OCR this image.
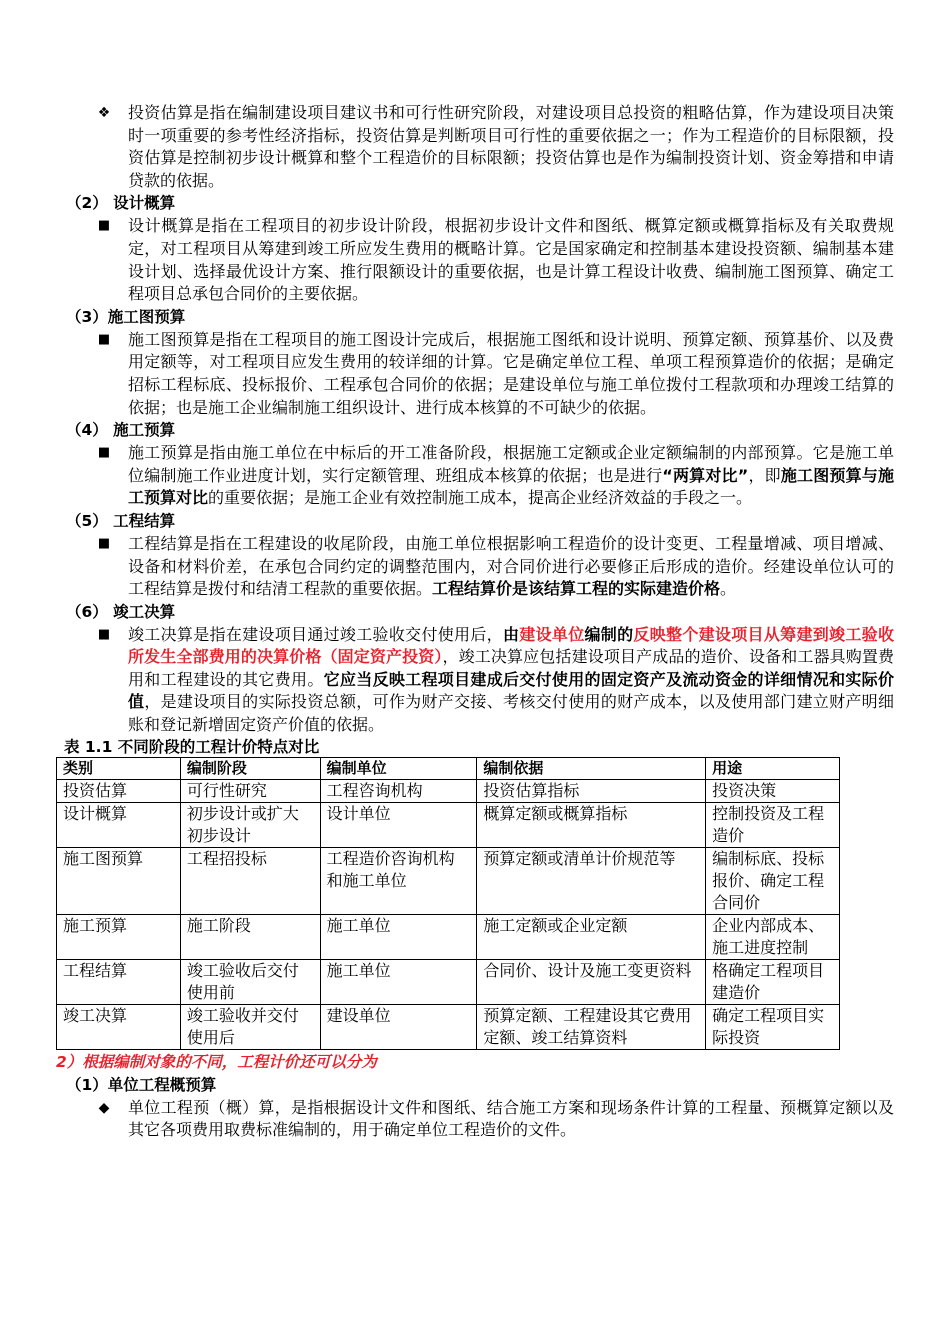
❖ 投资估算是指在编制建设项目建议书和可行性研究阶段，对建设项目总投资的粗略估算，作为建设项目决策时一项重要的参考性经济指标，投资估算是判断项目可行性的重要依据之一；作为工程造价的目标限额，投资估算是控制初步设计概算和整个工程造价的目标限额；投资估算也是作为编制投资计划、资金筹措和申请贷款的依据。

（2） 设计概算

■ 设计概算是指在工程项目的初步设计阶段，根据初步设计文件和图纸、概算定额或概算指标及有关取费规定，对工程项目从筹建到竣工所应发生费用的概略计算。它是国家确定和控制基本建设投资额、编制基本建设计划、选择最优设计方案、推行限额设计的重要依据，也是计算工程设计收费、编制施工图预算、确定工程项目总承包合同价的主要依据。

（3）施工图预算

■ 施工图预算是指在工程项目的施工图设计完成后，根据施工图纸和设计说明、预算定额、预算基价、以及费用定额等，对工程项目应发生费用的较详细的计算。它是确定单位工程、单项工程预算造价的依据；是确定招标工程标底、投标报价、工程承包合同价的依据；是建设单位与施工单位拨付工程款项和办理竣工结算的依据；也是施工企业编制施工组织设计、进行成本核算的不可缺少的依据。

（4） 施工预算

■ 施工预算是指由施工单位在中标后的开工准备阶段，根据施工定额或企业定额编制的内部预算。它是施工单位编制施工作业进度计划，实行定额管理、班组成本核算的依据；也是进行“两算对比”，即施工图预算与施工预算对比的重要依据；是施工企业有效控制施工成本，提高企业经济效益的手段之一。

（5） 工程结算

■ 工程结算是指在工程建设的收尾阶段，由施工单位根据影响工程造价的设计变更、工程量增减、项目增减、设备和材料价差，在承包合同约定的调整范围内，对合同价进行必要修正后形成的造价。经建设单位认可的工程结算是拨付和结清工程款的重要依据。工程结算价是该结算工程的实际建造价格。

（6） 竣工决算

■ 竣工决算是指在建设项目通过竣工验收交付使用后，由建设单位编制的反映整个建设项目从筹建到竣工验收所发生全部费用的决算价格（固定资产投资），竣工决算应包括建设项目产成品的造价、设备和工器具购置费用和工程建设的其它费用。它应当反映工程项目建成后交付使用的固定资产及流动资金的详细情况和实际价值，是建设项目的实际投资总额，可作为财产交接、考核交付使用的财产成本，以及使用部门建立财产明细账和登记新增固定资产价值的依据。

表 1.1 不同阶段的工程计价特点对比

类别	编制阶段	编制单位	编制依据	用途
投资估算	可行性研究	工程咨询机构	投资估算指标	投资决策
设计概算	初步设计或扩大初步设计	设计单位	概算定额或概算指标	控制投资及工程造价
施工图预算	工程招投标	工程造价咨询机构和施工单位	预算定额或清单计价规范等	编制标底、投标报价、确定工程合同价
施工预算	施工阶段	施工单位	施工定额或企业定额	企业内部成本、施工进度控制
工程结算	竣工验收后交付使用前	施工单位	合同价、设计及施工变更资料	格确定工程项目建造价
竣工决算	竣工验收并交付使用后	建设单位	预算定额、工程建设其它费用定额、竣工结算资料	确定工程项目实际投资

2）根据编制对象的不同，工程计价还可以分为

（1）单位工程概预算

◆ 单位工程预（概）算，是指根据设计文件和图纸、结合施工方案和现场条件计算的工程量、预概算定额以及其它各项费用取费标准编制的，用于确定单位工程造价的文件。
